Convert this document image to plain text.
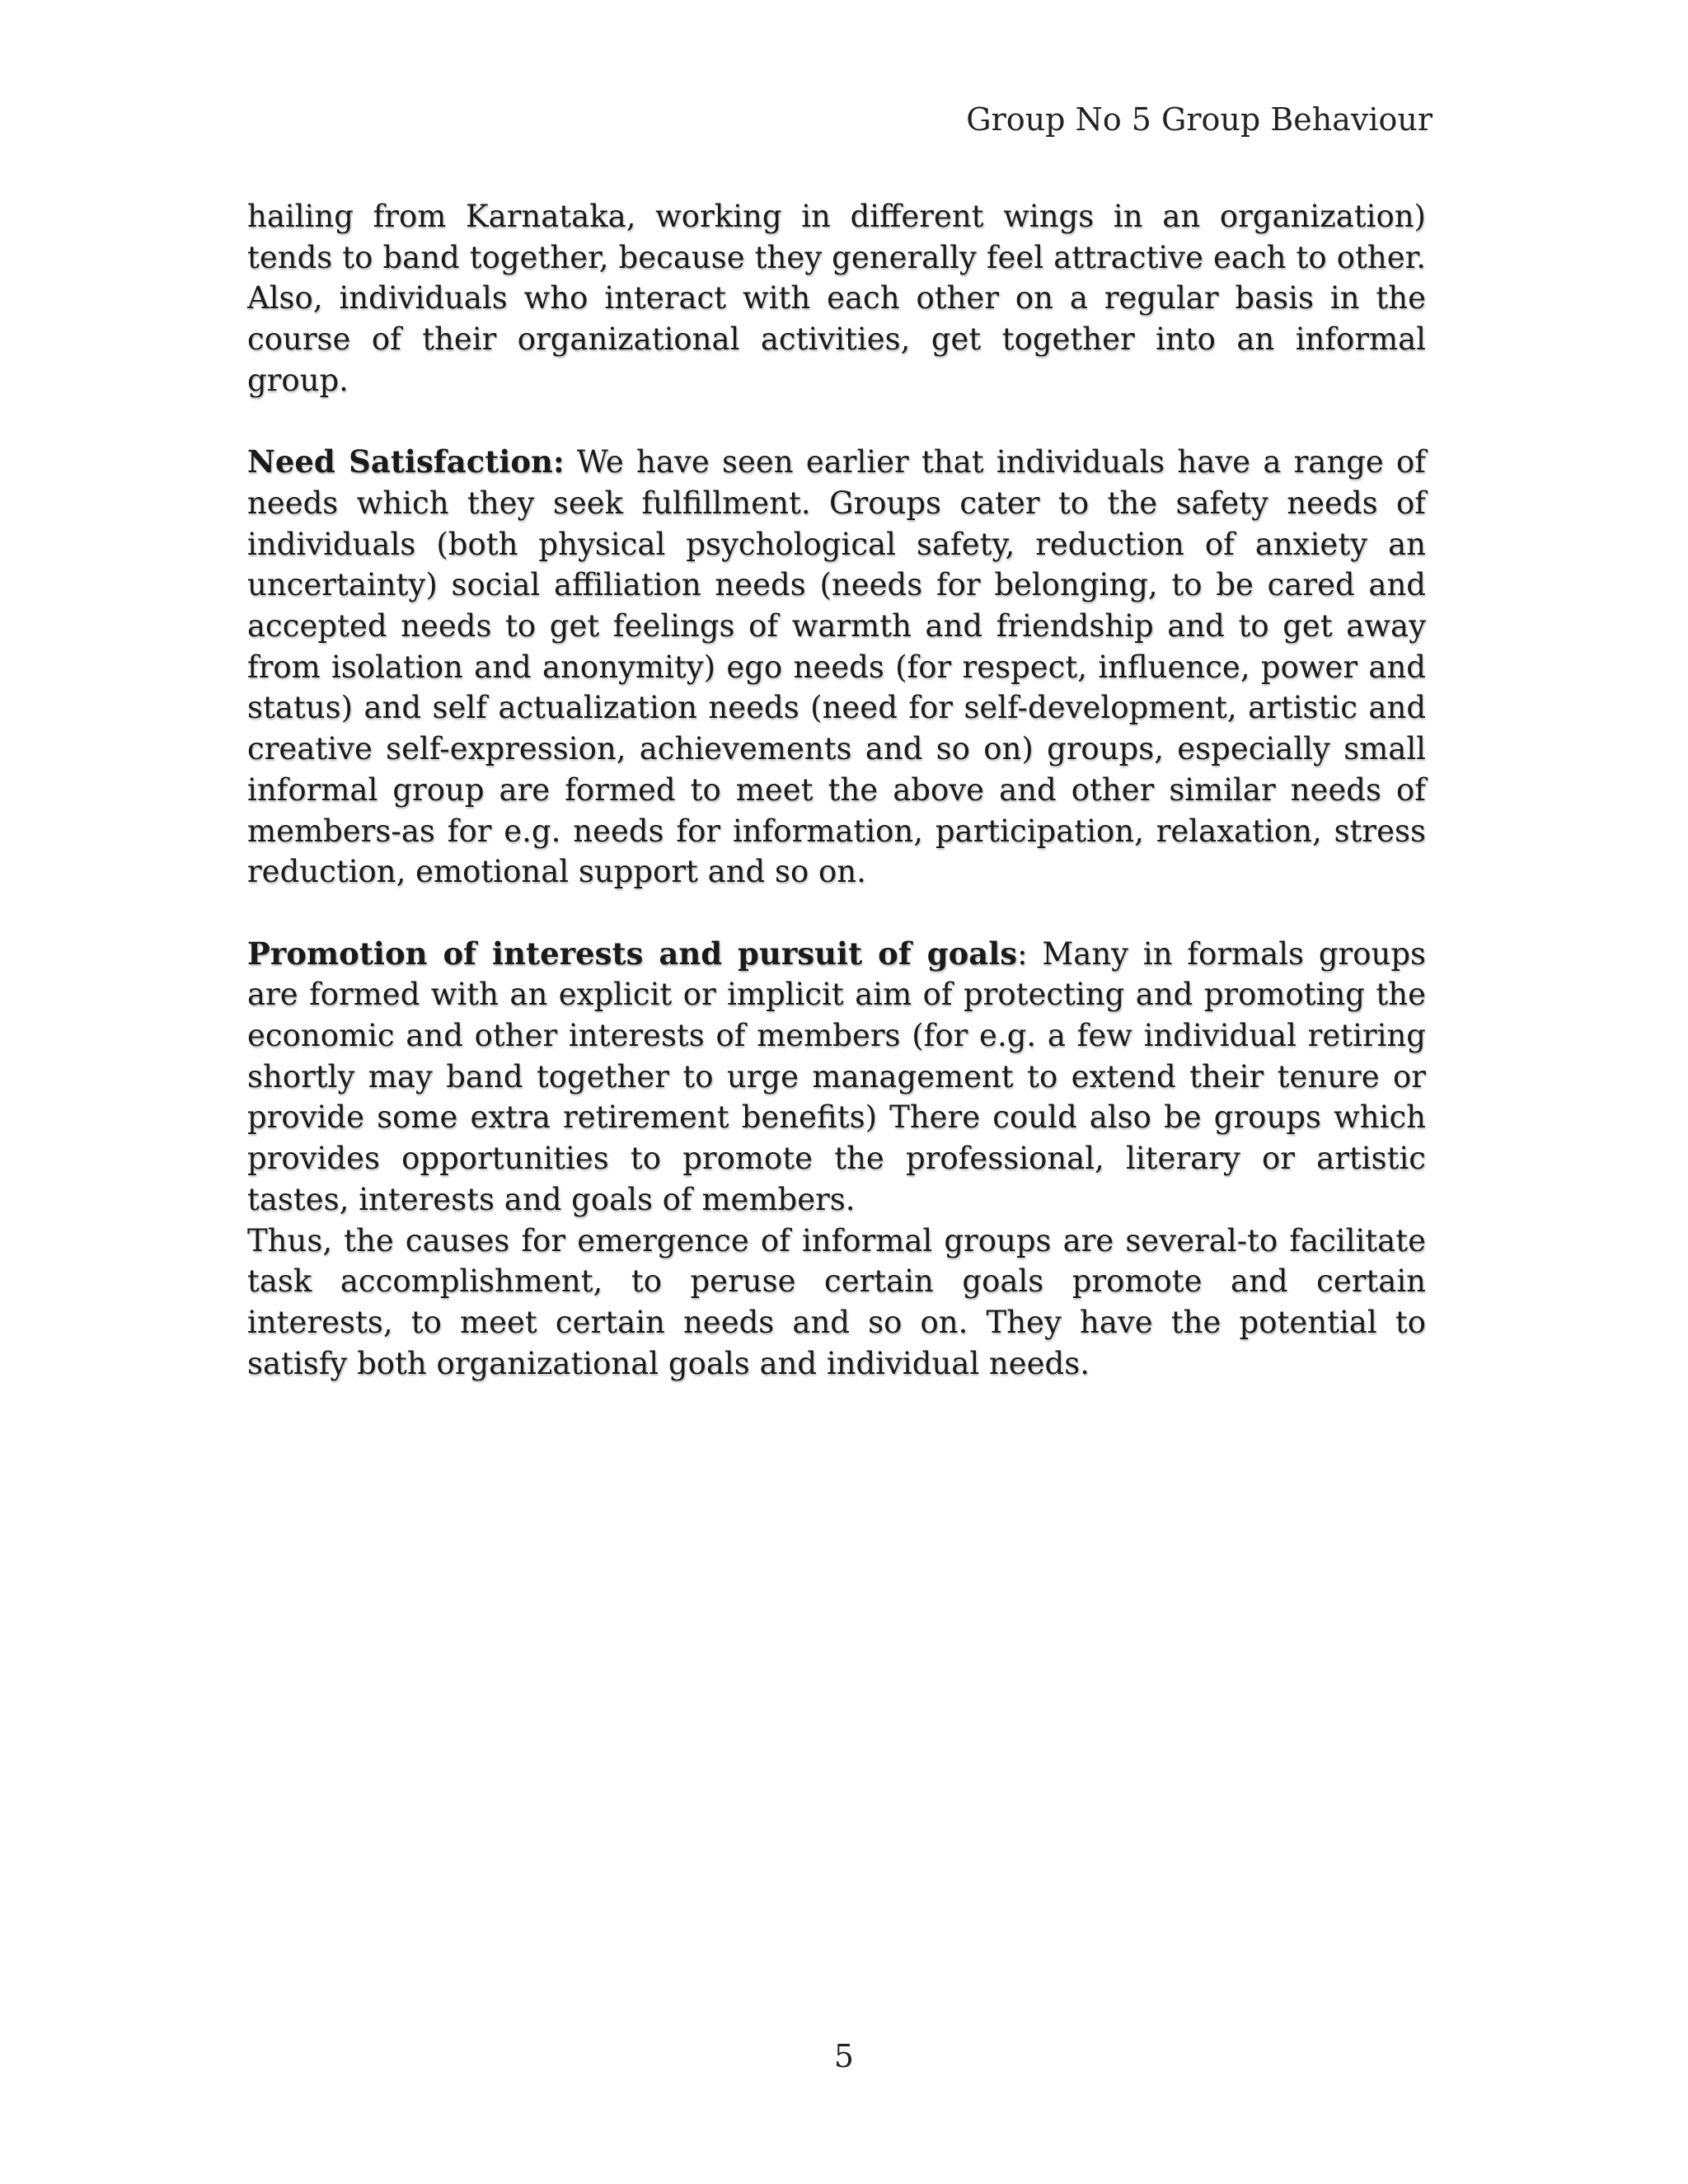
Group No 5 Group Behaviour

hailing from Karnataka, working in different wings in an organization) tends to band together, because they generally feel attractive each to other. Also, individuals who interact with each other on a regular basis in the course of their organizational activities, get together into an informal group.

Need Satisfaction: We have seen earlier that individuals have a range of needs which they seek fulfillment. Groups cater to the safety needs of individuals (both physical psychological safety, reduction of anxiety an uncertainty) social affiliation needs (needs for belonging, to be cared and accepted needs to get feelings of warmth and friendship and to get away from isolation and anonymity) ego needs (for respect, influence, power and status) and self actualization needs (need for self-development, artistic and creative self-expression, achievements and so on) groups, especially small informal group are formed to meet the above and other similar needs of members-as for e.g. needs for information, participation, relaxation, stress reduction, emotional support and so on.

Promotion of interests and pursuit of goals: Many in formals groups are formed with an explicit or implicit aim of protecting and promoting the economic and other interests of members (for e.g. a few individual retiring shortly may band together to urge management to extend their tenure or provide some extra retirement benefits) There could also be groups which provides opportunities to promote the professional, literary or artistic tastes, interests and goals of members.

Thus, the causes for emergence of informal groups are several-to facilitate task accomplishment, to peruse certain goals promote and certain interests, to meet certain needs and so on. They have the potential to satisfy both organizational goals and individual needs.

5
